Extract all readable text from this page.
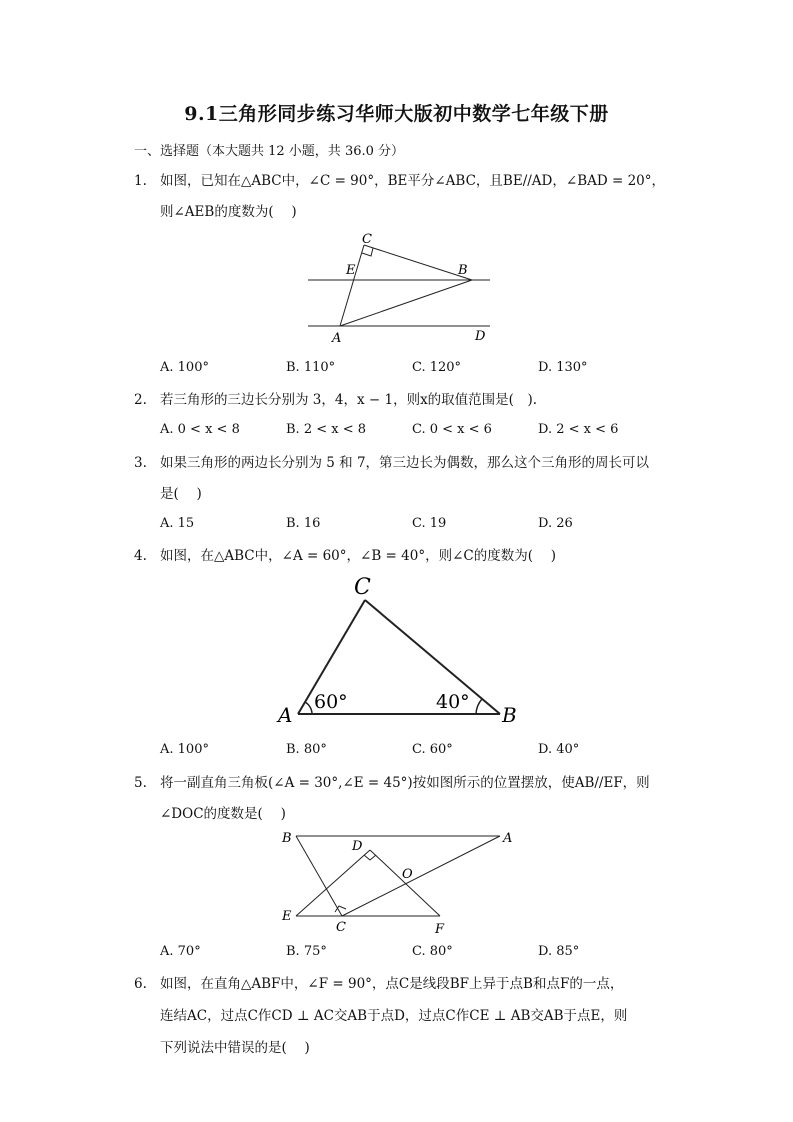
9.1三角形同步练习华师大版初中数学七年级下册
一、选择题（本大题共 12 小题，共 36.0 分）
1. 如图，已知在△ABC中，∠C = 90°，BE平分∠ABC，且BE//AD，∠BAD = 20°，
则∠AEB的度数为(　 )
C
E	B
A	D
A. 100°	B. 110°	C. 120°	D. 130°
2. 若三角形的三边长分别为 3，4，x − 1，则x的取值范围是(　).
A. 0 < x < 8	B. 2 < x < 8	C. 0 < x < 6	D. 2 < x < 6
3. 如果三角形的两边长分别为 5 和 7，第三边长为偶数，那么这个三角形的周长可以
是(　 )
A. 15	B. 16	C. 19	D. 26
4. 如图，在△ABC中，∠A = 60°，∠B = 40°，则∠C的度数为(　 )
C
A	B
60°	40°
A. 100°	B. 80°	C. 60°	D. 40°
5. 将一副直角三角板(∠A = 30°,∠E = 45°)按如图所示的位置摆放，使AB//EF，则
∠DOC的度数是(　 )
B	A
D
O
E
C	F
A. 70°	B. 75°	C. 80°	D. 85°
6. 如图，在直角△ABF中，∠F = 90°，点C是线段BF上异于点B和点F的一点，
连结AC，过点C作CD ⊥ AC交AB于点D，过点C作CE ⊥ AB交AB于点E，则
下列说法中错误的是(　 )
